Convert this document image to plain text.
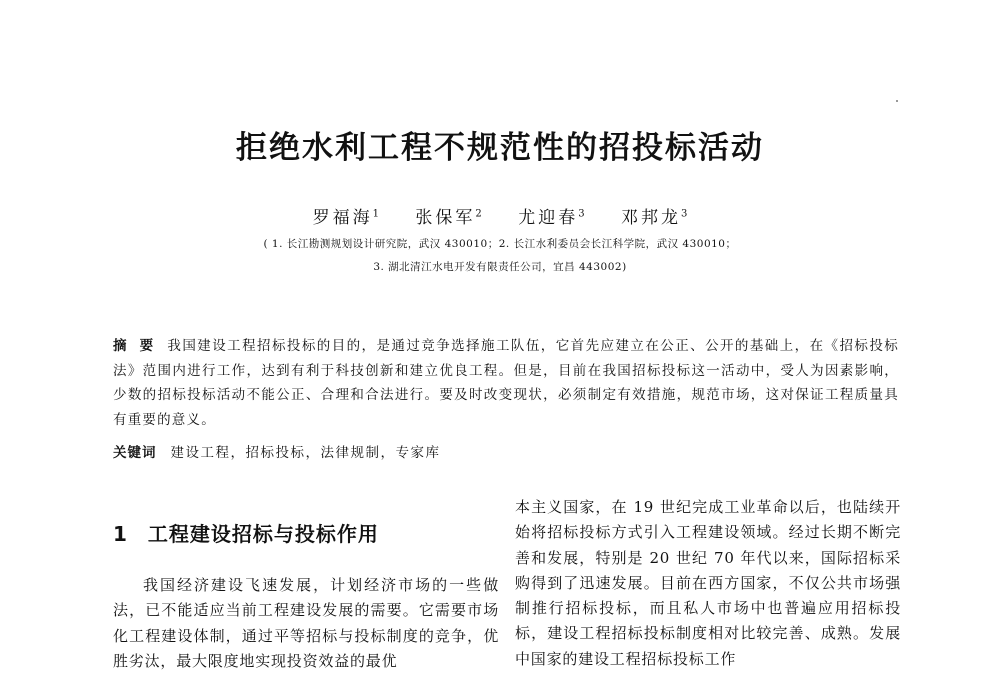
拒绝水利工程不规范性的招投标活动
罗福海$^1$ 张保军$^2$ 尤迎春$^3$ 邓邦龙$^3$
( 1. 长江勘测规划设计研究院，武汉 430010；2. 长江水利委员会长江科学院，武汉 430010；
3. 湖北清江水电开发有限责任公司，宜昌 443002)

摘 要 我国建设工程招标投标的目的，是通过竞争选择施工队伍，它首先应建立在公正、公开的基础上，在《招标投标法》范围内进行工作，达到有利于科技创新和建立优良工程。但是，目前在我国招标投标这一活动中，受人为因素影响，少数的招标投标活动不能公正、合理和合法进行。要及时改变现状，必须制定有效措施，规范市场，这对保证工程质量具有重要的意义。

关键词 建设工程，招标投标，法律规制，专家库

1 工程建设招标与投标作用

我国经济建设飞速发展，计划经济市场的一些做法，已不能适应当前工程建设发展的需要。它需要市场化工程建设体制，通过平等招标与投标制度的竞争，优胜劣汰，最大限度地实现投资效益的最优

本主义国家，在 19 世纪完成工业革命以后，也陆续开始将招标投标方式引入工程建设领域。经过长期不断完善和发展，特别是 20 世纪 70 年代以来，国际招标采购得到了迅速发展。目前在西方国家，不仅公共市场强制推行招标投标，而且私人市场中也普遍应用招标投标，建设工程招标投标制度相对比较完善、成熟。发展中国家的建设工程招标投标工作
